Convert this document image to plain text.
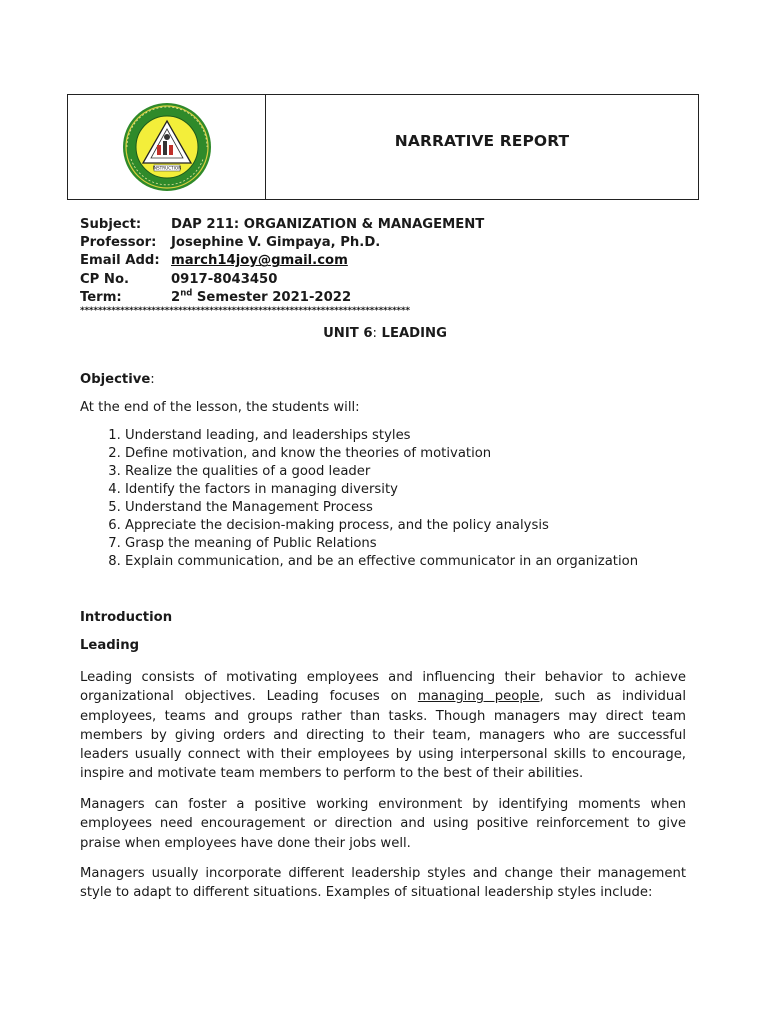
INSTRUCTION
NARRATIVE REPORT
Subject:	DAP 211: ORGANIZATION & MANAGEMENT
Professor:	Josephine V. Gimpaya, Ph.D.
Email Add: march14joy@gmail.com
CP No.	0917-8043450
Term:	2nd Semester 2021-2022
**************************************************************************
UNIT 6: LEADING
Objective:
At the end of the lesson, the students will:
1. Understand leading, and leaderships styles
2. Define motivation, and know the theories of motivation
3. Realize the qualities of a good leader
4. Identify the factors in managing diversity
5. Understand the Management Process
6. Appreciate the decision-making process, and the policy analysis
7. Grasp the meaning of Public Relations
8. Explain communication, and be an effective communicator in an organization
Introduction
Leading

Leading consists of motivating employees and influencing their behavior to achieve organizational objectives. Leading focuses on managing people, such as individual employees, teams and groups rather than tasks. Though managers may direct team members by giving orders and directing to their team, managers who are successful leaders usually connect with their employees by using interpersonal skills to encourage, inspire and motivate team members to perform to the best of their abilities.

Managers can foster a positive working environment by identifying moments when employees need encouragement or direction and using positive reinforcement to give praise when employees have done their jobs well.

Managers usually incorporate different leadership styles and change their management style to adapt to different situations. Examples of situational leadership styles include:
